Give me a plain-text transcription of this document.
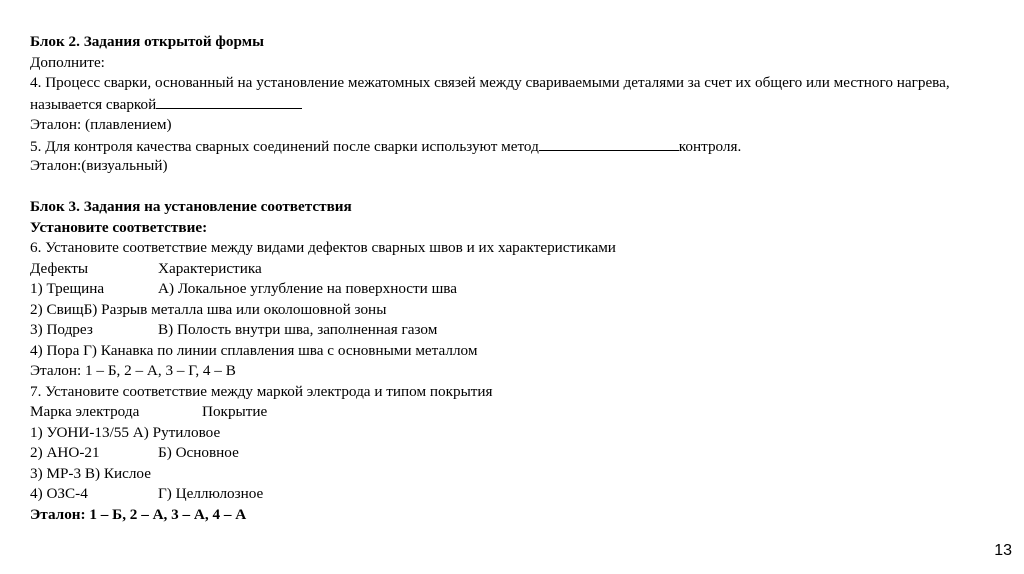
Блок 2. Задания открытой формы
Дополните:
4. Процесс сварки, основанный на установление межатомных связей между свариваемыми деталями за счет их общего или местного нагрева, называется сваркой
Эталон: (плавлением)
5. Для контроля качества сварных соединений после сварки используют метод	контроля.
Эталон:(визуальный)
Блок 3. Задания на установление соответствия
Установите соответствие:
6. Установите соответствие между видами дефектов сварных швов и их характеристиками
Дефекты	Характеристика
1) Трещина	А) Локальное углубление на поверхности шва
2) СвищБ) Разрыв металла шва или околошовной зоны
3) Подрез	В) Полость внутри шва, заполненная газом
4) Пора Г) Канавка по линии сплавления шва с основными металлом
Эталон: 1 – Б, 2 – А, 3 – Г, 4 – В
7. Установите соответствие между маркой электрода и типом покрытия
Марка электрода	Покрытие
1) УОНИ-13/55 А) Рутиловое
2) АНО-21	Б) Основное
3) МР-3 В) Кислое
4) ОЗС-4	Г) Целлюлозное
Эталон: 1 – Б, 2 – А, 3 – А, 4 – А
13
